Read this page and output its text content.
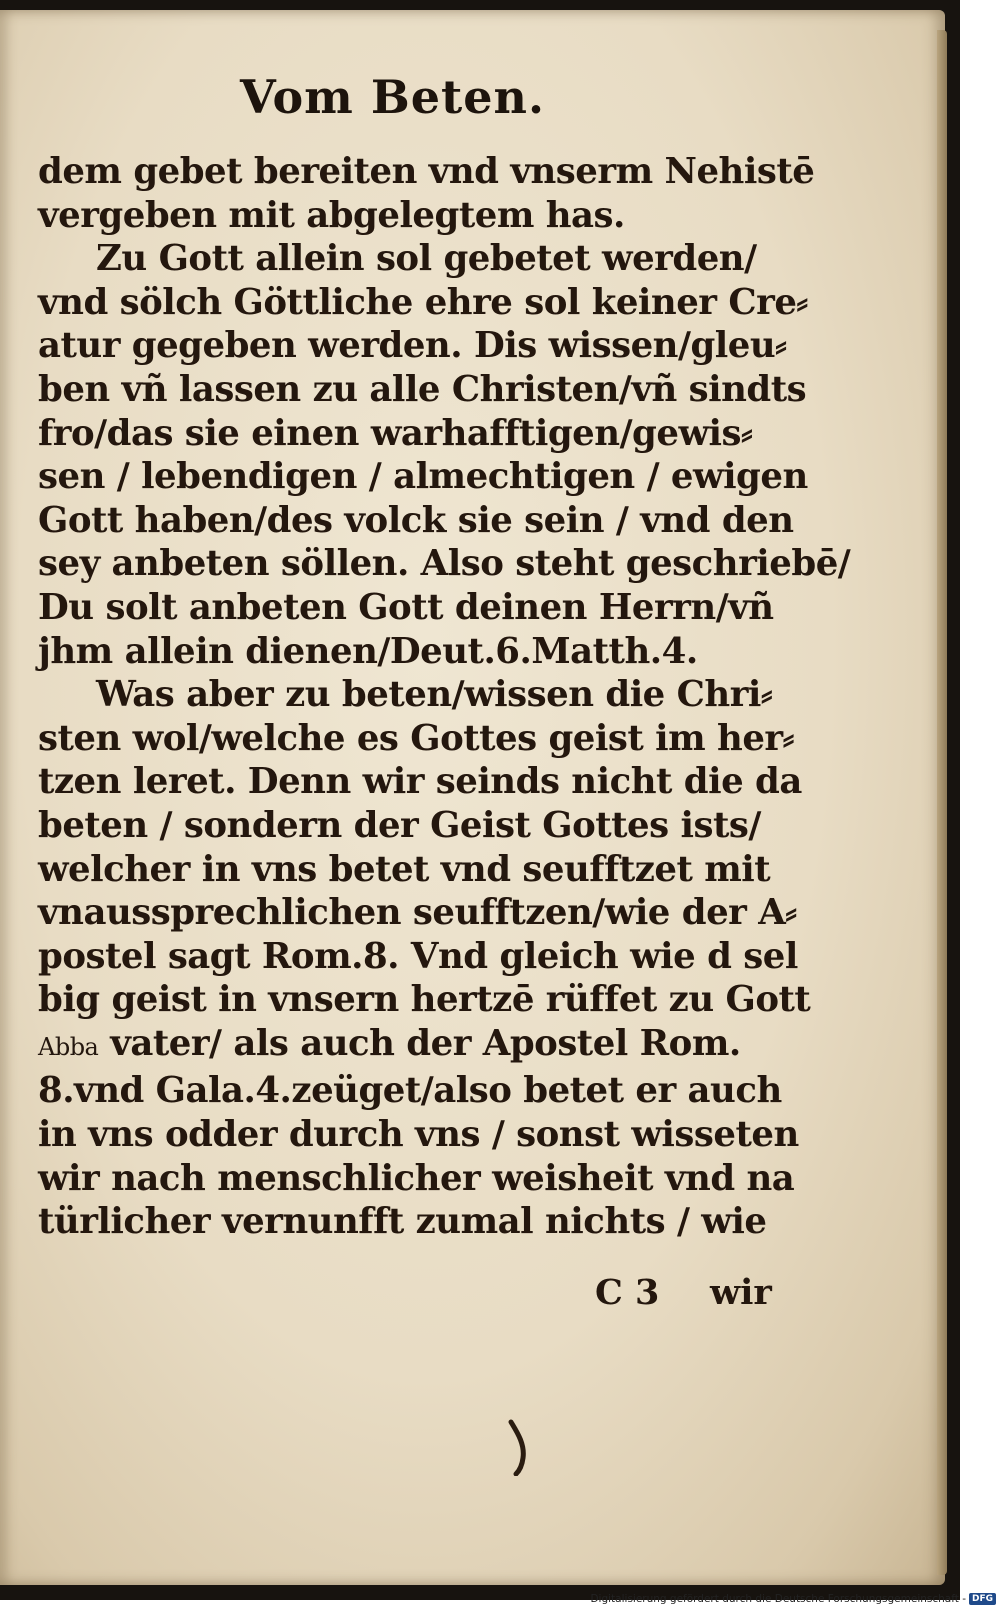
Vom Beten.
dem gebet bereiten vnd vnserm Nehistē
vergeben mit abgelegtem has.
Zu Gott allein sol gebetet werden/
vnd sölch Göttliche ehre sol keiner Cre⸗
atur gegeben werden. Dis wissen/gleu⸗
ben vñ lassen zu alle Christen/vñ sindts
fro/das sie einen warhafftigen/gewis⸗
sen / lebendigen / almechtigen / ewigen
Gott haben/des volck sie sein / vnd den
sey anbeten söllen. Also steht geschriebē/
Du solt anbeten Gott deinen Herrn/vñ
jhm allein dienen/Deut.6.Matth.4.
Was aber zu beten/wissen die Chri⸗
sten wol/welche es Gottes geist im her⸗
tzen leret. Denn wir seinds nicht die da
beten / sondern der Geist Gottes ists/
welcher in vns betet vnd seufftzet mit
vnaussprechlichen seufftzen/wie der A⸗
postel sagt Rom.8. Vnd gleich wie d sel
big geist in vnsern hertzē rüffet zu Gott
Abba vater/ als auch der Apostel Rom.
8.vnd Gala.4.zeüget/also betet er auch
in vns odder durch vns / sonst wisseten
wir nach menschlicher weisheit vnd na
türlicher vernunfft zumal nichts / wie
C 3 wir
Digitalisierung gefördert durch die Deutsche Forschungsgemeinschaft - DFG
